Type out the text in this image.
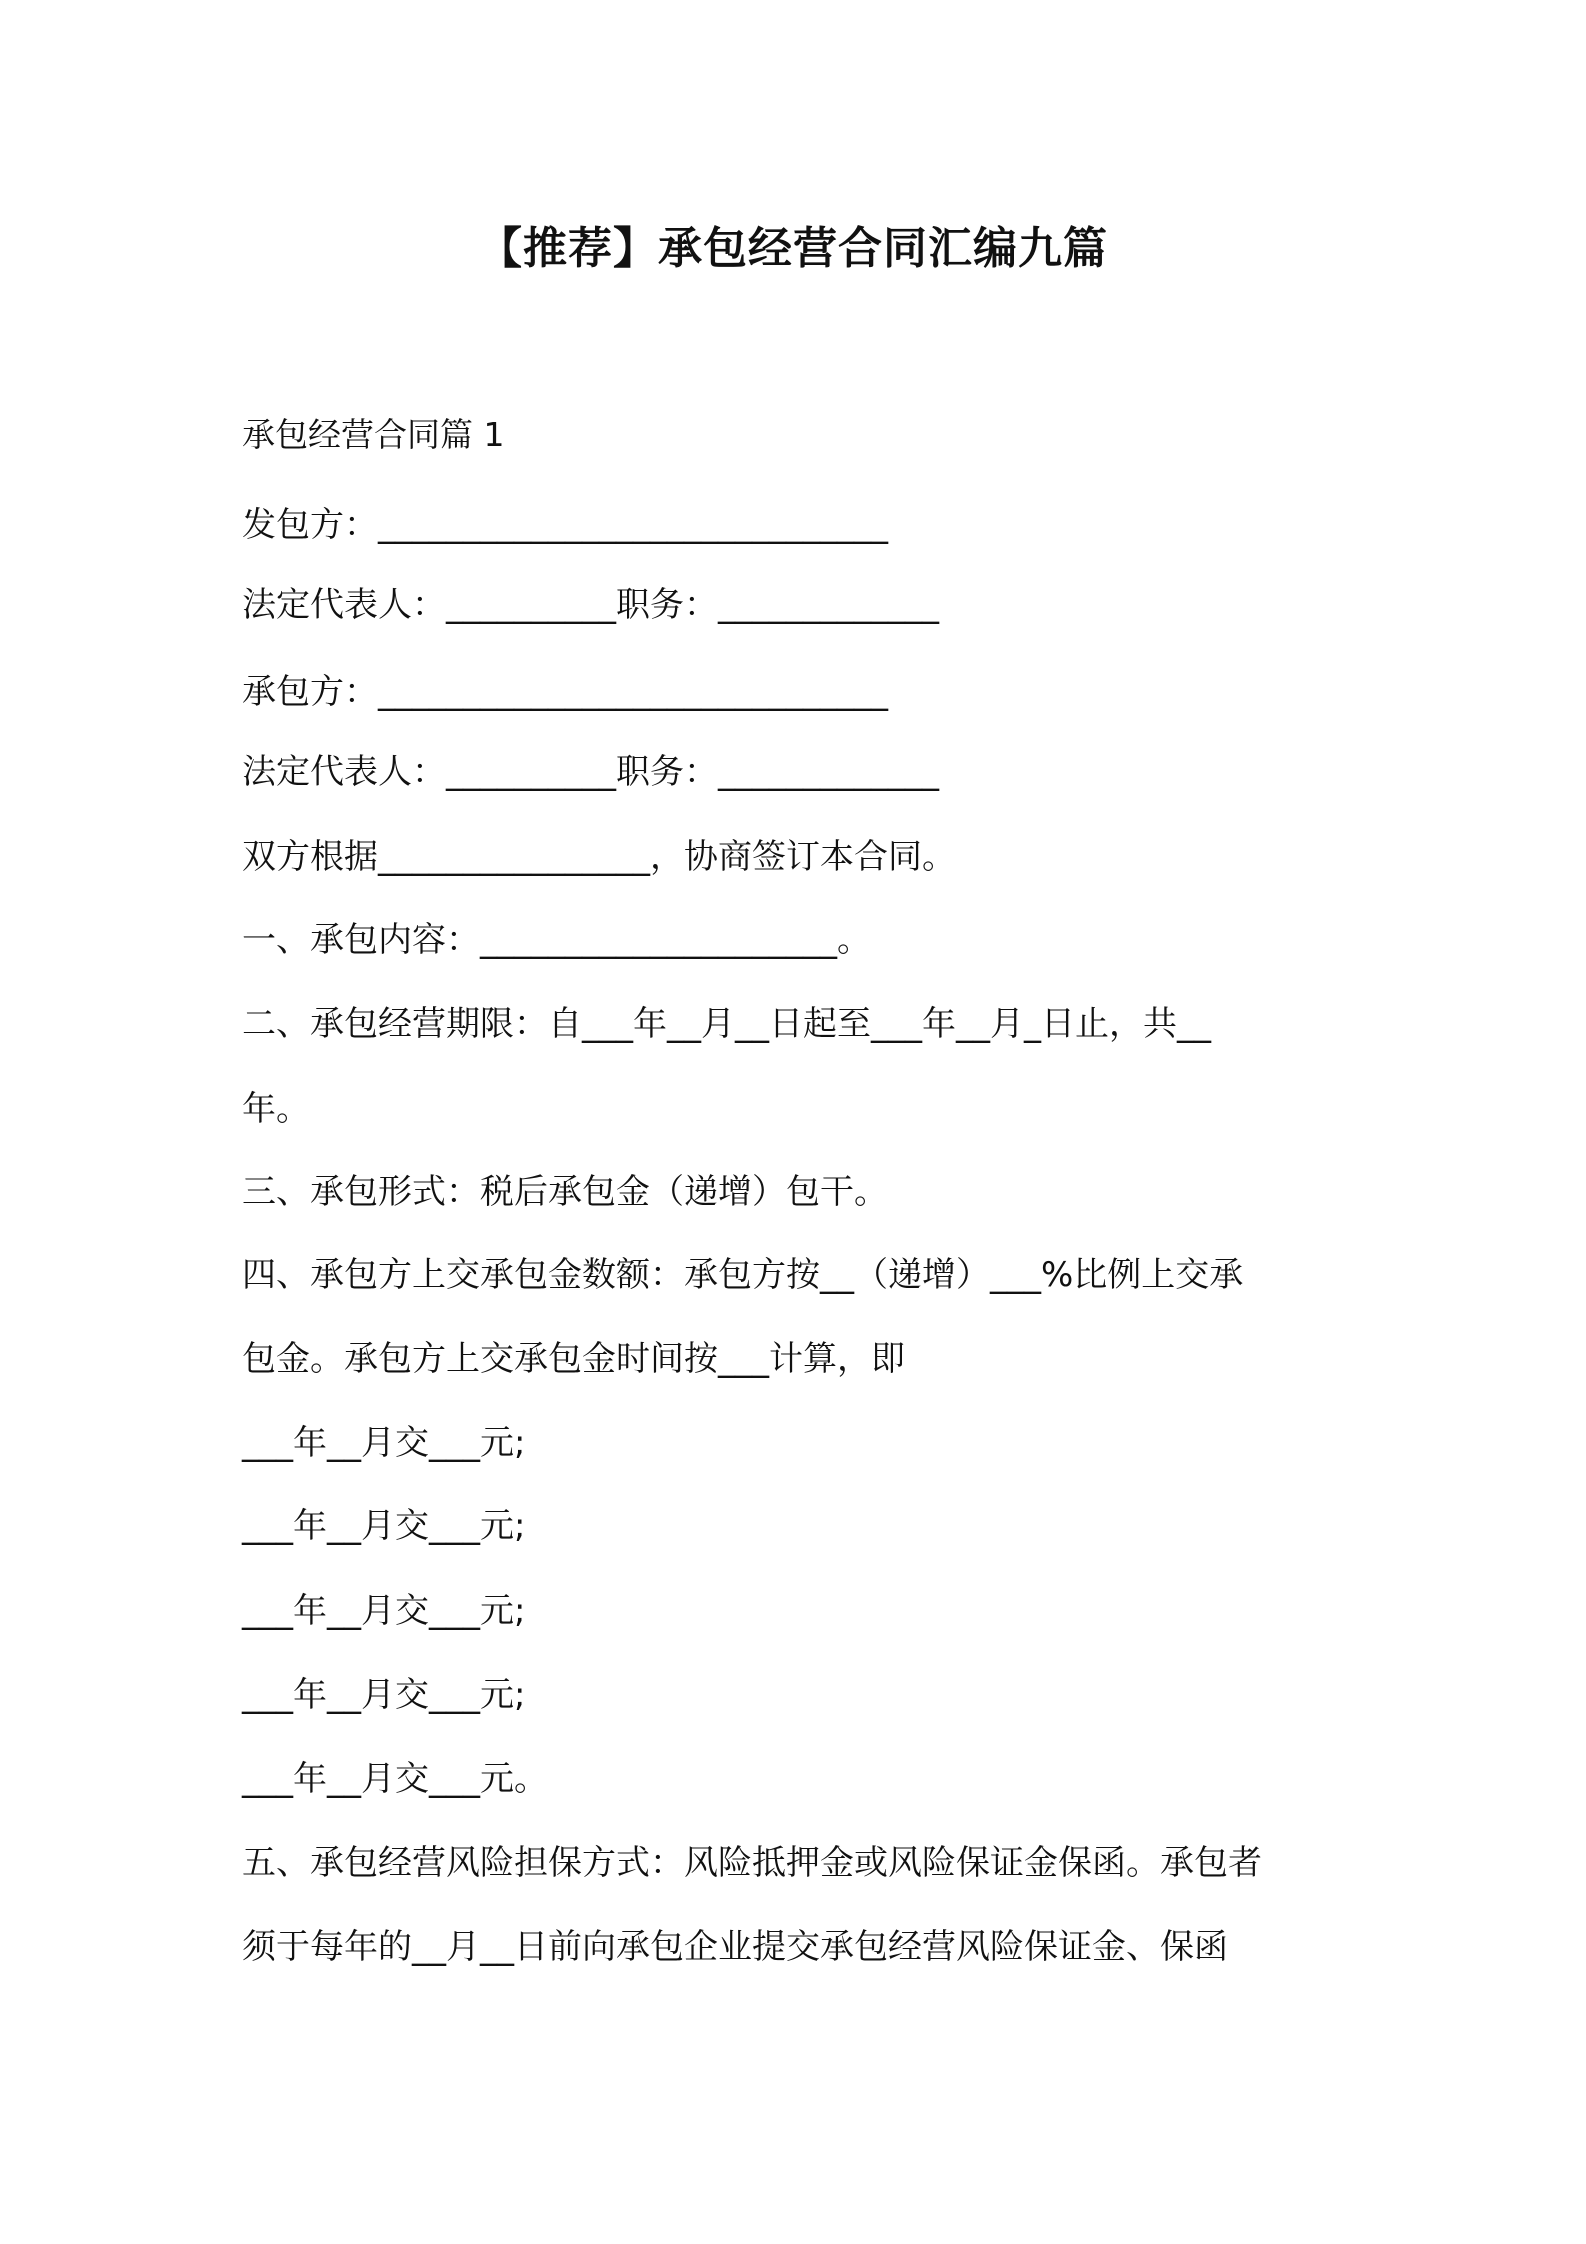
【推荐】承包经营合同汇编九篇
承包经营合同篇 1
发包方：______________________________
法定代表人：__________职务：_____________
承包方：______________________________
法定代表人：__________职务：_____________
双方根据________________，协商签订本合同。
一、承包内容：_____________________。
二、承包经营期限：自___年__月__日起至___年__月_日止，共__
年。
三、承包形式：税后承包金（递增）包干。
四、承包方上交承包金数额：承包方按__（递增）___%比例上交承
包金。承包方上交承包金时间按___计算，即
___年__月交___元;
___年__月交___元;
___年__月交___元;
___年__月交___元;
___年__月交___元。
五、承包经营风险担保方式：风险抵押金或风险保证金保函。承包者
须于每年的__月__日前向承包企业提交承包经营风险保证金、保函
